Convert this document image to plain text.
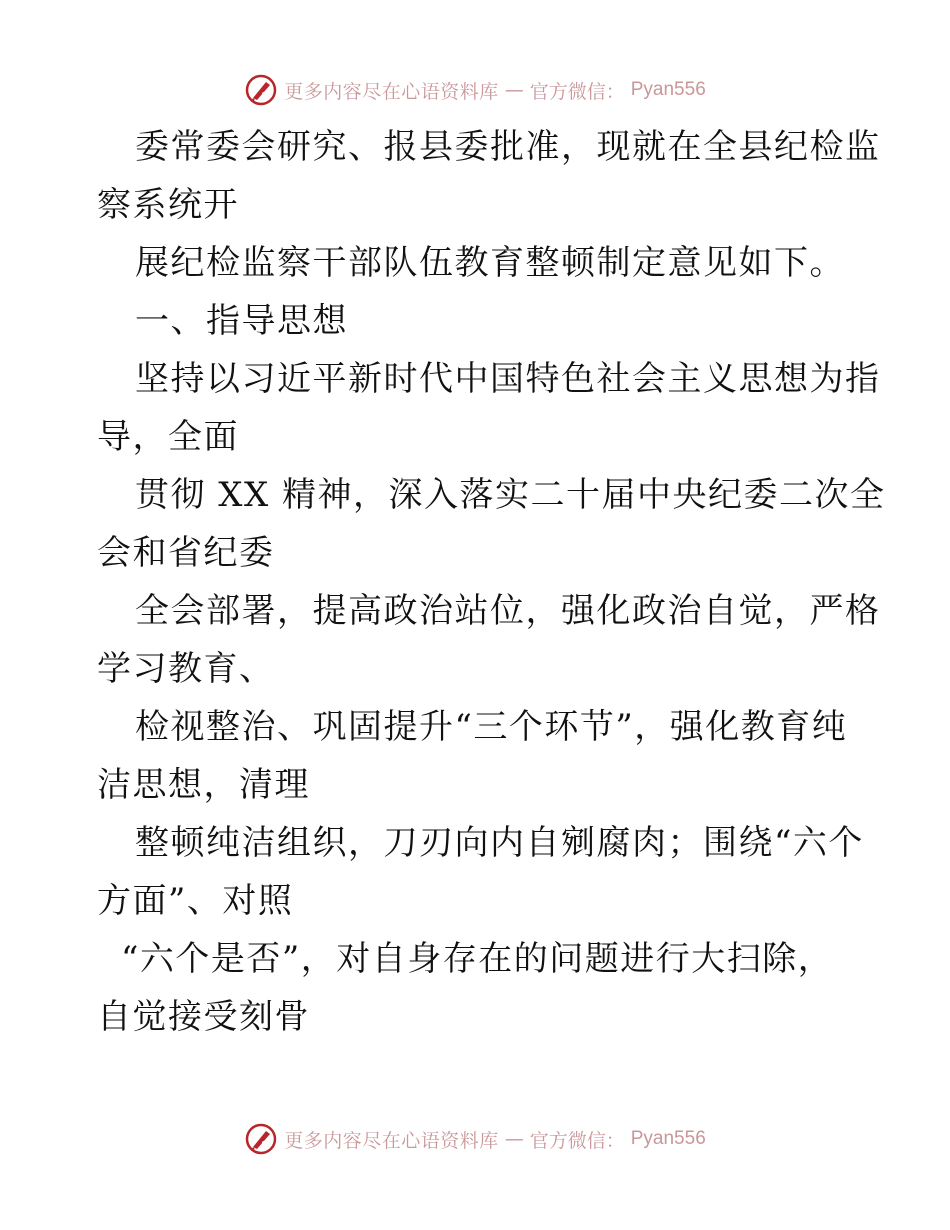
更多内容尽在心语资料库 — 官方微信： Pyan556
委常委会研究、报县委批准，现就在全县纪检监
察系统开
展纪检监察干部队伍教育整顿制定意见如下。
一、指导思想
坚持以习近平新时代中国特色社会主义思想为指
导，全面
贯彻 XX 精神，深入落实二十届中央纪委二次全
会和省纪委
全会部署，提高政治站位，强化政治自觉，严格
学习教育、
检视整治、巩固提升“三个环节”，强化教育纯
洁思想，清理
整顿纯洁组织，刀刃向内自剜腐肉；围绕“六个
方面”、对照
“六个是否”，对自身存在的问题进行大扫除，
自觉接受刻骨
更多内容尽在心语资料库 — 官方微信： Pyan556
